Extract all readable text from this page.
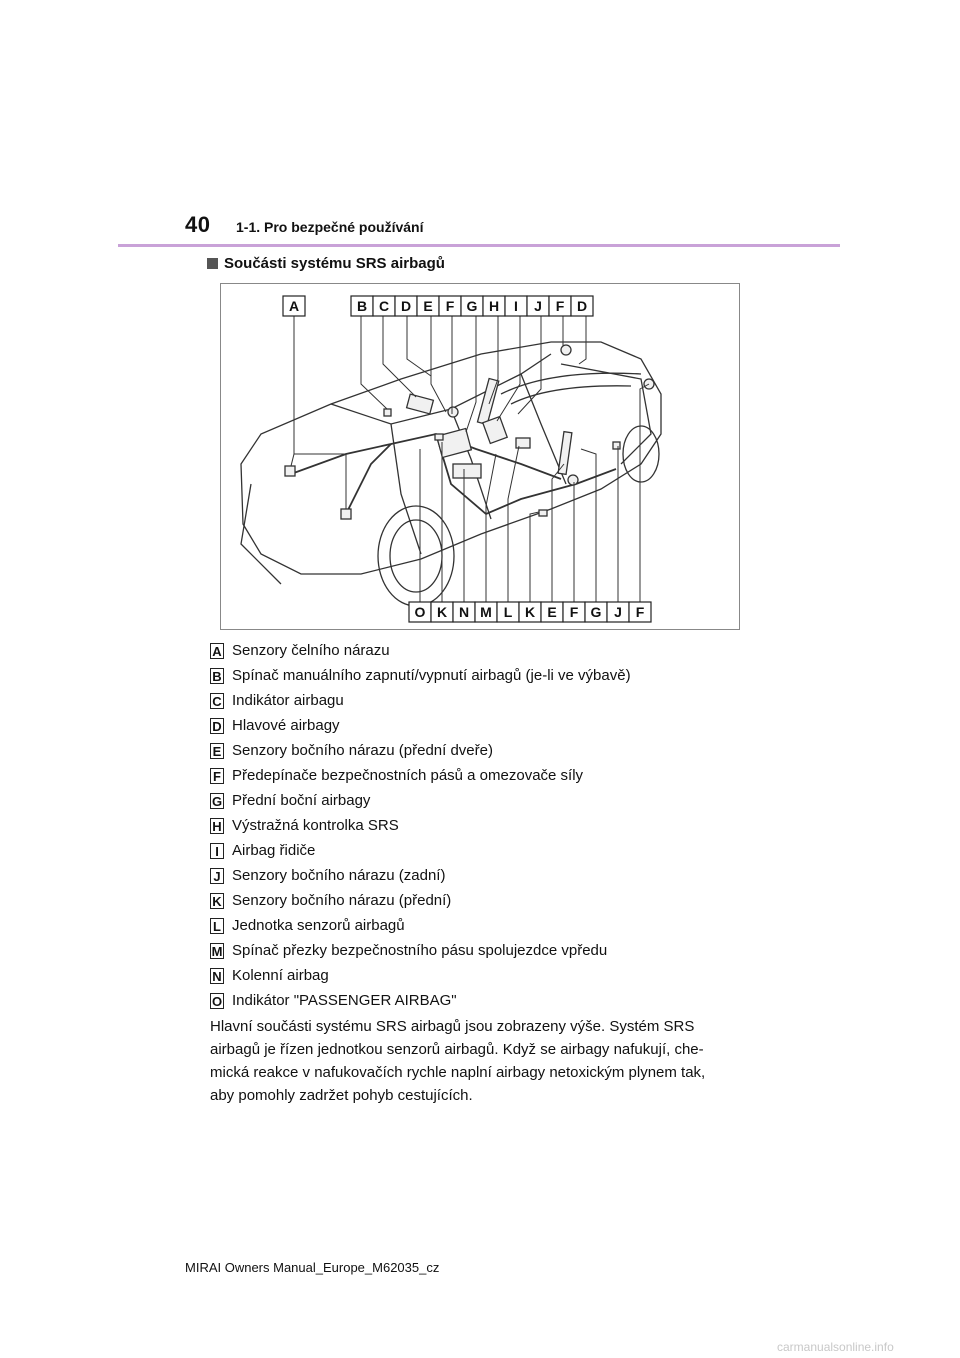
40 1-1. Pro bezpečné používání
Součásti systému SRS airbagů
A	B C D E F G H I J F D
O K N M L K E F G J F
A Senzory čelního nárazu
B Spínač manuálního zapnutí/vypnutí airbagů (je-li ve výbavě)
C Indikátor airbagu
D Hlavové airbagy
E Senzory bočního nárazu (přední dveře)
F Předepínače bezpečnostních pásů a omezovače síly
G Přední boční airbagy
H Výstražná kontrolka SRS
I Airbag řidiče
J Senzory bočního nárazu (zadní)
K Senzory bočního nárazu (přední)
L Jednotka senzorů airbagů
M Spínač přezky bezpečnostního pásu spolujezdce vpředu
N Kolenní airbag
O Indikátor "PASSENGER AIRBAG"

Hlavní součásti systému SRS airbagů jsou zobrazeny výše. Systém SRS
airbagů je řízen jednotkou senzorů airbagů. Když se airbagy nafukují, che-
mická reakce v nafukovačích rychle naplní airbagy netoxickým plynem tak,
aby pomohly zadržet pohyb cestujících.

MIRAI Owners Manual_Europe_M62035_cz
carmanualsonline.info
